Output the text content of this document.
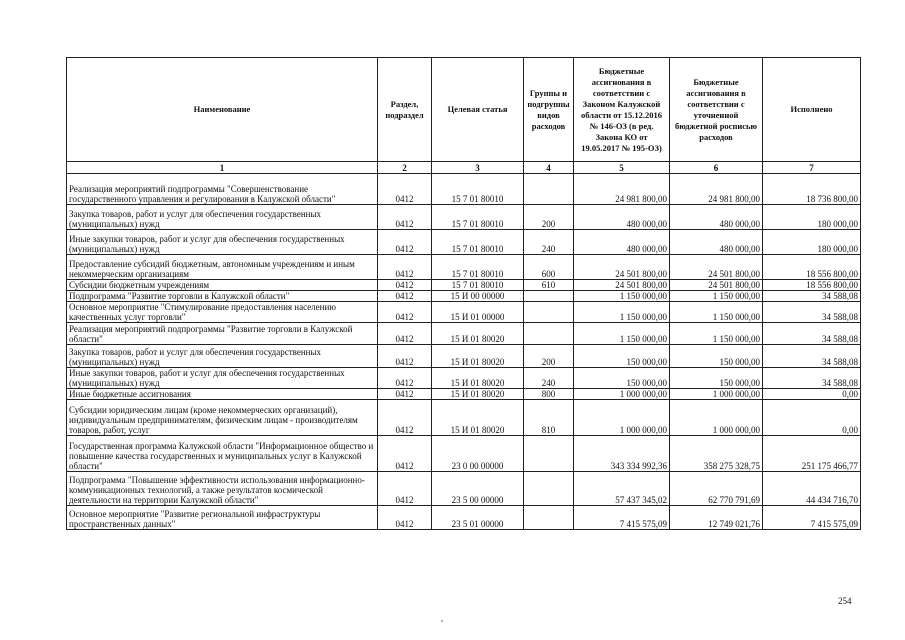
Наименование	Раздел, подраздел	Целевая статья	Группы и подгруппы видов расходов	Бюджетные ассигнования в соответствии с Законом Калужской области от 15.12.2016 № 146-ОЗ (в ред. Закона КО от 19.05.2017 № 195-ОЗ)	Бюджетные ассигнования в соответствии с уточненной бюджетной росписью расходов	Исполнено
1	2	3	4	5	6	7
Реализация мероприятий подпрограммы "Совершенствование государственного управления и регулирования в Калужской области"	0412	15 7 01 80010		24 981 800,00	24 981 800,00	18 736 800,00
Закупка товаров, работ и услуг для обеспечения государственных (муниципальных) нужд	0412	15 7 01 80010	200	480 000,00	480 000,00	180 000,00
Иные закупки товаров, работ и услуг для обеспечения государственных (муниципальных) нужд	0412	15 7 01 80010	240	480 000,00	480 000,00	180 000,00
Предоставление субсидий бюджетным, автономным учреждениям и иным некоммерческим организациям	0412	15 7 01 80010	600	24 501 800,00	24 501 800,00	18 556 800,00
Субсидии бюджетным учреждениям	0412	15 7 01 80010	610	24 501 800,00	24 501 800,00	18 556 800,00
Подпрограмма "Развитие торговли в Калужской области"	0412	15 И 00 00000		1 150 000,00	1 150 000,00	34 588,08
Основное мероприятие "Стимулирование предоставления населению качественных услуг торговли"	0412	15 И 01 00000		1 150 000,00	1 150 000,00	34 588,08
Реализация мероприятий подпрограммы "Развитие торговли в Калужской области"	0412	15 И 01 80020		1 150 000,00	1 150 000,00	34 588,08
Закупка товаров, работ и услуг для обеспечения государственных (муниципальных) нужд	0412	15 И 01 80020	200	150 000,00	150 000,00	34 588,08
Иные закупки товаров, работ и услуг для обеспечения государственных (муниципальных) нужд	0412	15 И 01 80020	240	150 000,00	150 000,00	34 588,08
Иные бюджетные ассигнования	0412	15 И 01 80020	800	1 000 000,00	1 000 000,00	0,00
Субсидии юридическим лицам (кроме некоммерческих организаций), индивидуальным предпринимателям, физическим лицам - производителям товаров, работ, услуг	0412	15 И 01 80020	810	1 000 000,00	1 000 000,00	0,00
Государственная программа Калужской области "Информационное общество и повышение качества государственных и муниципальных услуг в Калужской области"	0412	23 0 00 00000		343 334 992,36	358 275 328,75	251 175 466,77
Подпрограмма "Повышение эффективности использования информационно-коммуникационных технологий, а также результатов космической деятельности на территории Калужской области"	0412	23 5 00 00000		57 437 345,02	62 770 791,69	44 434 716,70
Основное мероприятие "Развитие региональной инфраструктуры пространственных данных"	0412	23 5 01 00000		7 415 575,09	12 749 021,76	7 415 575,09
254
